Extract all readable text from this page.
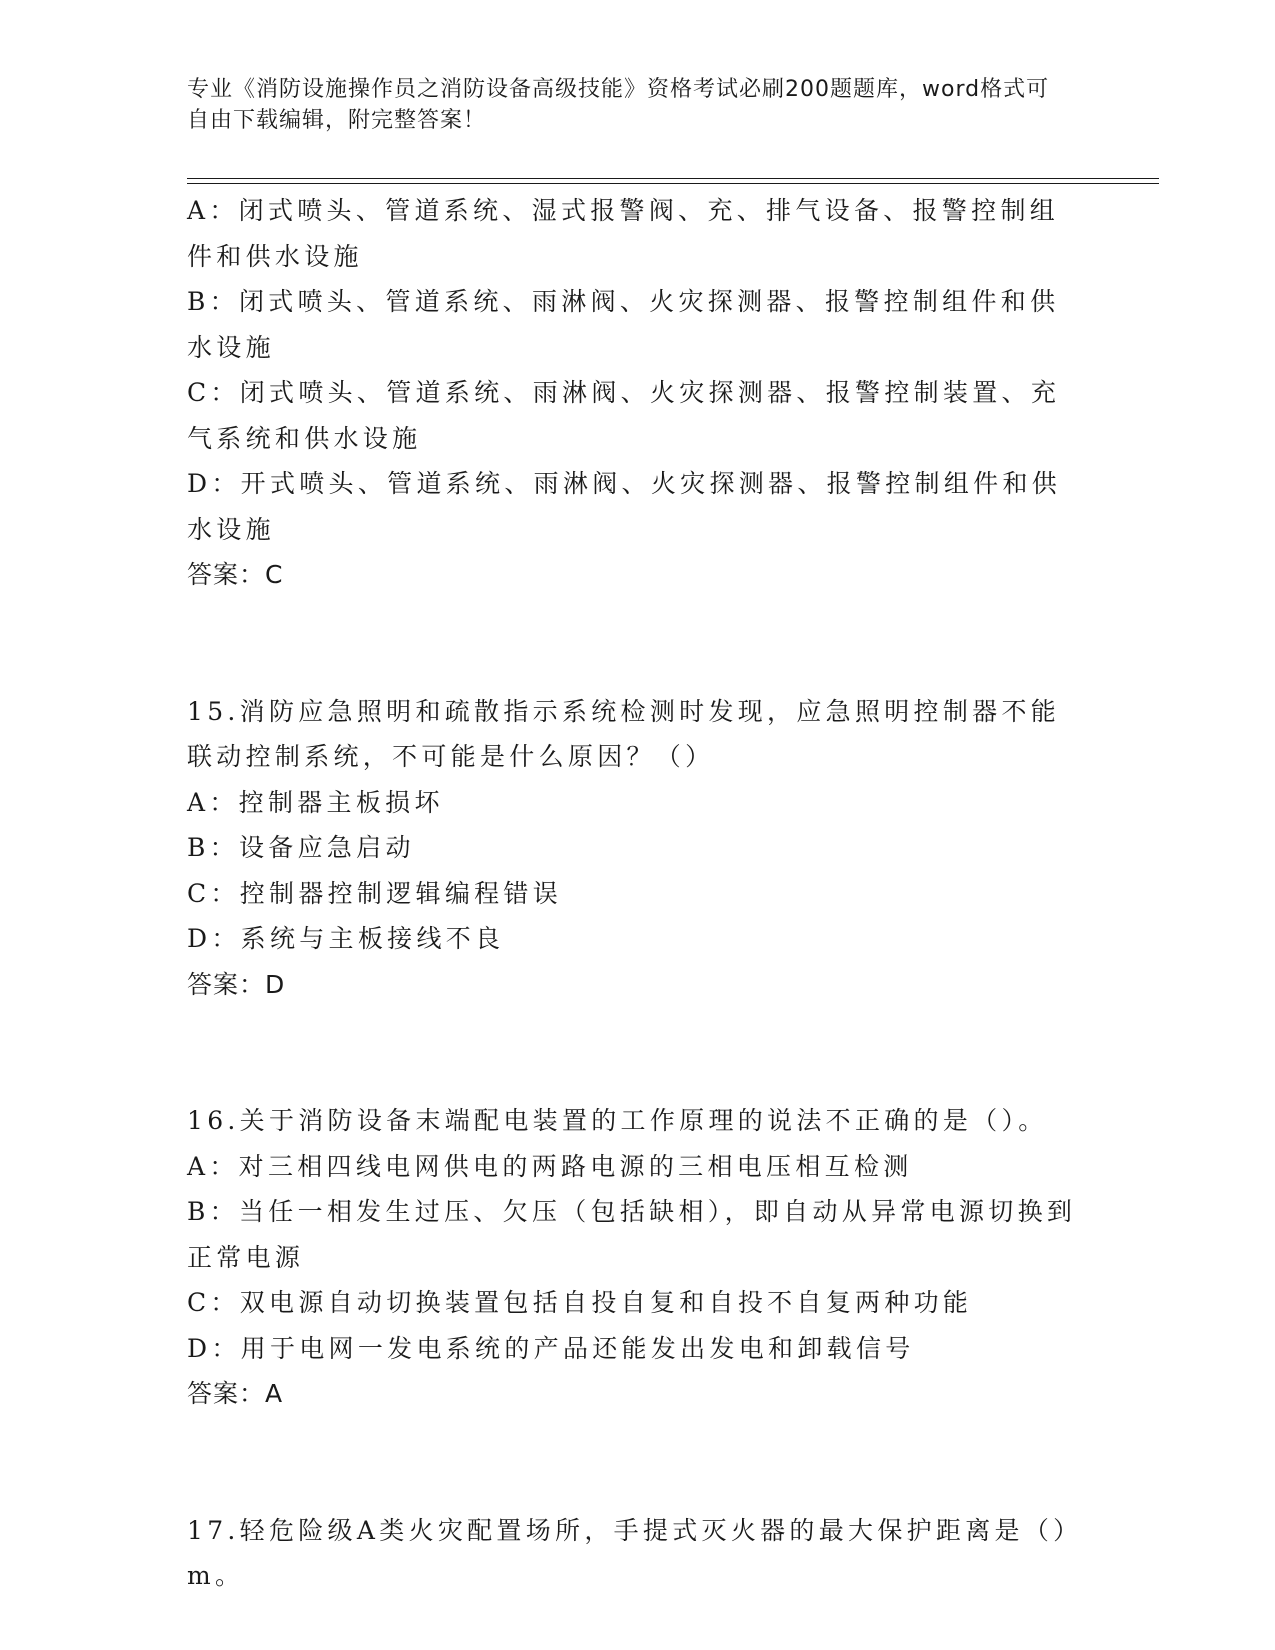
专业《消防设施操作员之消防设备高级技能》资格考试必刷200题题库，word格式可自由下载编辑，附完整答案！

A：闭式喷头、管道系统、湿式报警阀、充、排气设备、报警控制组件和供水设施

B：闭式喷头、管道系统、雨淋阀、火灾探测器、报警控制组件和供水设施

C：闭式喷头、管道系统、雨淋阀、火灾探测器、报警控制装置、充气系统和供水设施

D：开式喷头、管道系统、雨淋阀、火灾探测器、报警控制组件和供水设施

答案：C

15.消防应急照明和疏散指示系统检测时发现，应急照明控制器不能联动控制系统，不可能是什么原因？（）

A：控制器主板损坏

B：设备应急启动

C：控制器控制逻辑编程错误

D：系统与主板接线不良

答案：D

16.关于消防设备末端配电装置的工作原理的说法不正确的是（）。

A：对三相四线电网供电的两路电源的三相电压相互检测

B：当任一相发生过压、欠压（包括缺相），即自动从异常电源切换到正常电源

C：双电源自动切换装置包括自投自复和自投不自复两种功能

D：用于电网一发电系统的产品还能发出发电和卸载信号

答案：A

17.轻危险级A类火灾配置场所，手提式灭火器的最大保护距离是（）m。
